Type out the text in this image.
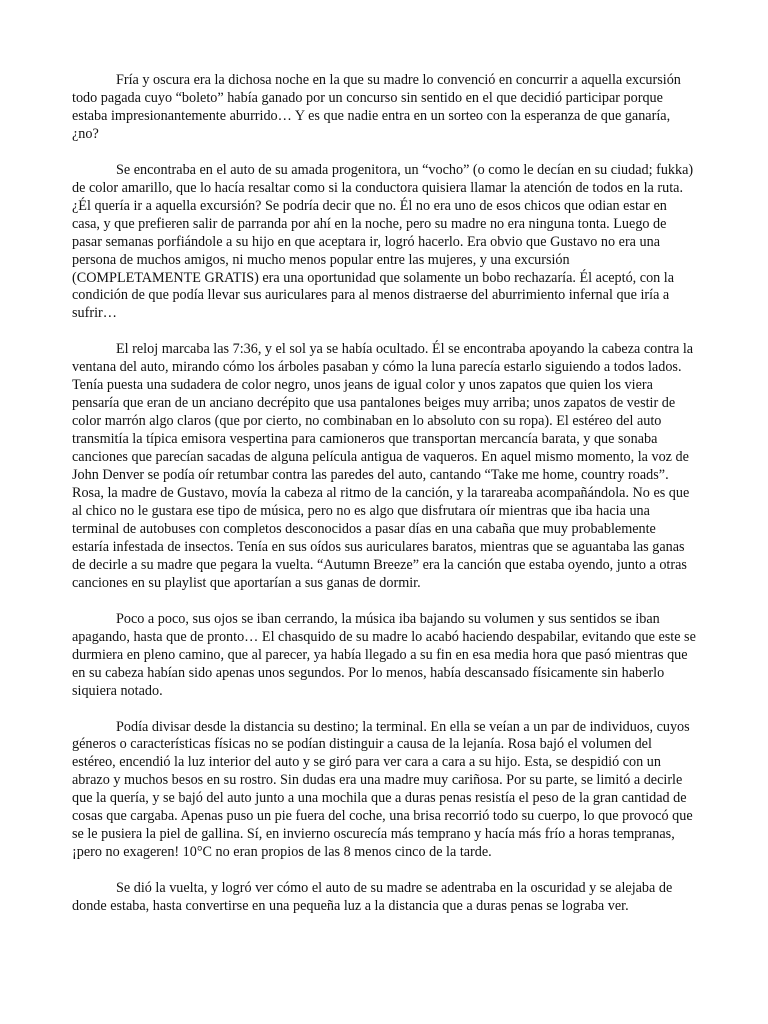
Fría y oscura era la dichosa noche en la que su madre lo convenció en concurrir a aquella excursión todo pagada cuyo “boleto” había ganado por un concurso sin sentido en el que decidió participar porque estaba impresionantemente aburrido… Y es que nadie entra en un sorteo con la esperanza de que ganaría, ¿no?

Se encontraba en el auto de su amada progenitora, un “vocho” (o como le decían en su ciudad; fukka) de color amarillo, que lo hacía resaltar como si la conductora quisiera llamar la atención de todos en la ruta. ¿Él quería ir a aquella excursión? Se podría decir que no. Él no era uno de esos chicos que odian estar en casa, y que prefieren salir de parranda por ahí en la noche, pero su madre no era ninguna tonta. Luego de pasar semanas porfiándole a su hijo en que aceptara ir, logró hacerlo. Era obvio que Gustavo no era una persona de muchos amigos, ni mucho menos popular entre las mujeres, y una excursión (COMPLETAMENTE GRATIS) era una oportunidad que solamente un bobo rechazaría. Él aceptó, con la condición de que podía llevar sus auriculares para al menos distraerse del aburrimiento infernal que iría a sufrir…

El reloj marcaba las 7:36, y el sol ya se había ocultado. Él se encontraba apoyando la cabeza contra la ventana del auto, mirando cómo los árboles pasaban y cómo la luna parecía estarlo siguiendo a todos lados. Tenía puesta una sudadera de color negro, unos jeans de igual color y unos zapatos que quien los viera pensaría que eran de un anciano decrépito que usa pantalones beiges muy arriba; unos zapatos de vestir de color marrón algo claros (que por cierto, no combinaban en lo absoluto con su ropa). El estéreo del auto transmitía la típica emisora vespertina para camioneros que transportan mercancía barata, y que sonaba canciones que parecían sacadas de alguna película antigua de vaqueros. En aquel mismo momento, la voz de John Denver se podía oír retumbar contra las paredes del auto, cantando “Take me home, country roads”. Rosa, la madre de Gustavo, movía la cabeza al ritmo de la canción, y la tarareaba acompañándola. No es que al chico no le gustara ese tipo de música, pero no es algo que disfrutara oír mientras que iba hacia una terminal de autobuses con completos desconocidos a pasar días en una cabaña que muy probablemente estaría infestada de insectos. Tenía en sus oídos sus auriculares baratos, mientras que se aguantaba las ganas de decirle a su madre que pegara la vuelta. “Autumn Breeze” era la canción que estaba oyendo, junto a otras canciones en su playlist que aportarían a sus ganas de dormir.

Poco a poco, sus ojos se iban cerrando, la música iba bajando su volumen y sus sentidos se iban apagando, hasta que de pronto… El chasquido de su madre lo acabó haciendo despabilar, evitando que este se durmiera en pleno camino, que al parecer, ya había llegado a su fin en esa media hora que pasó mientras que en su cabeza habían sido apenas unos segundos. Por lo menos, había descansado físicamente sin haberlo siquiera notado.

Podía divisar desde la distancia su destino; la terminal. En ella se veían a un par de individuos, cuyos géneros o características físicas no se podían distinguir a causa de la lejanía. Rosa bajó el volumen del estéreo, encendió la luz interior del auto y se giró para ver cara a cara a su hijo. Esta, se despidió con un abrazo y muchos besos en su rostro. Sin dudas era una madre muy cariñosa. Por su parte, se limitó a decirle que la quería, y se bajó del auto junto a una mochila que a duras penas resistía el peso de la gran cantidad de cosas que cargaba. Apenas puso un pie fuera del coche, una brisa recorrió todo su cuerpo, lo que provocó que se le pusiera la piel de gallina. Sí, en invierno oscurecía más temprano y hacía más frío a horas tempranas, ¡pero no exageren! 10°C no eran propios de las 8 menos cinco de la tarde.

Se dió la vuelta, y logró ver cómo el auto de su madre se adentraba en la oscuridad y se alejaba de donde estaba, hasta convertirse en una pequeña luz a la distancia que a duras penas se lograba ver.
